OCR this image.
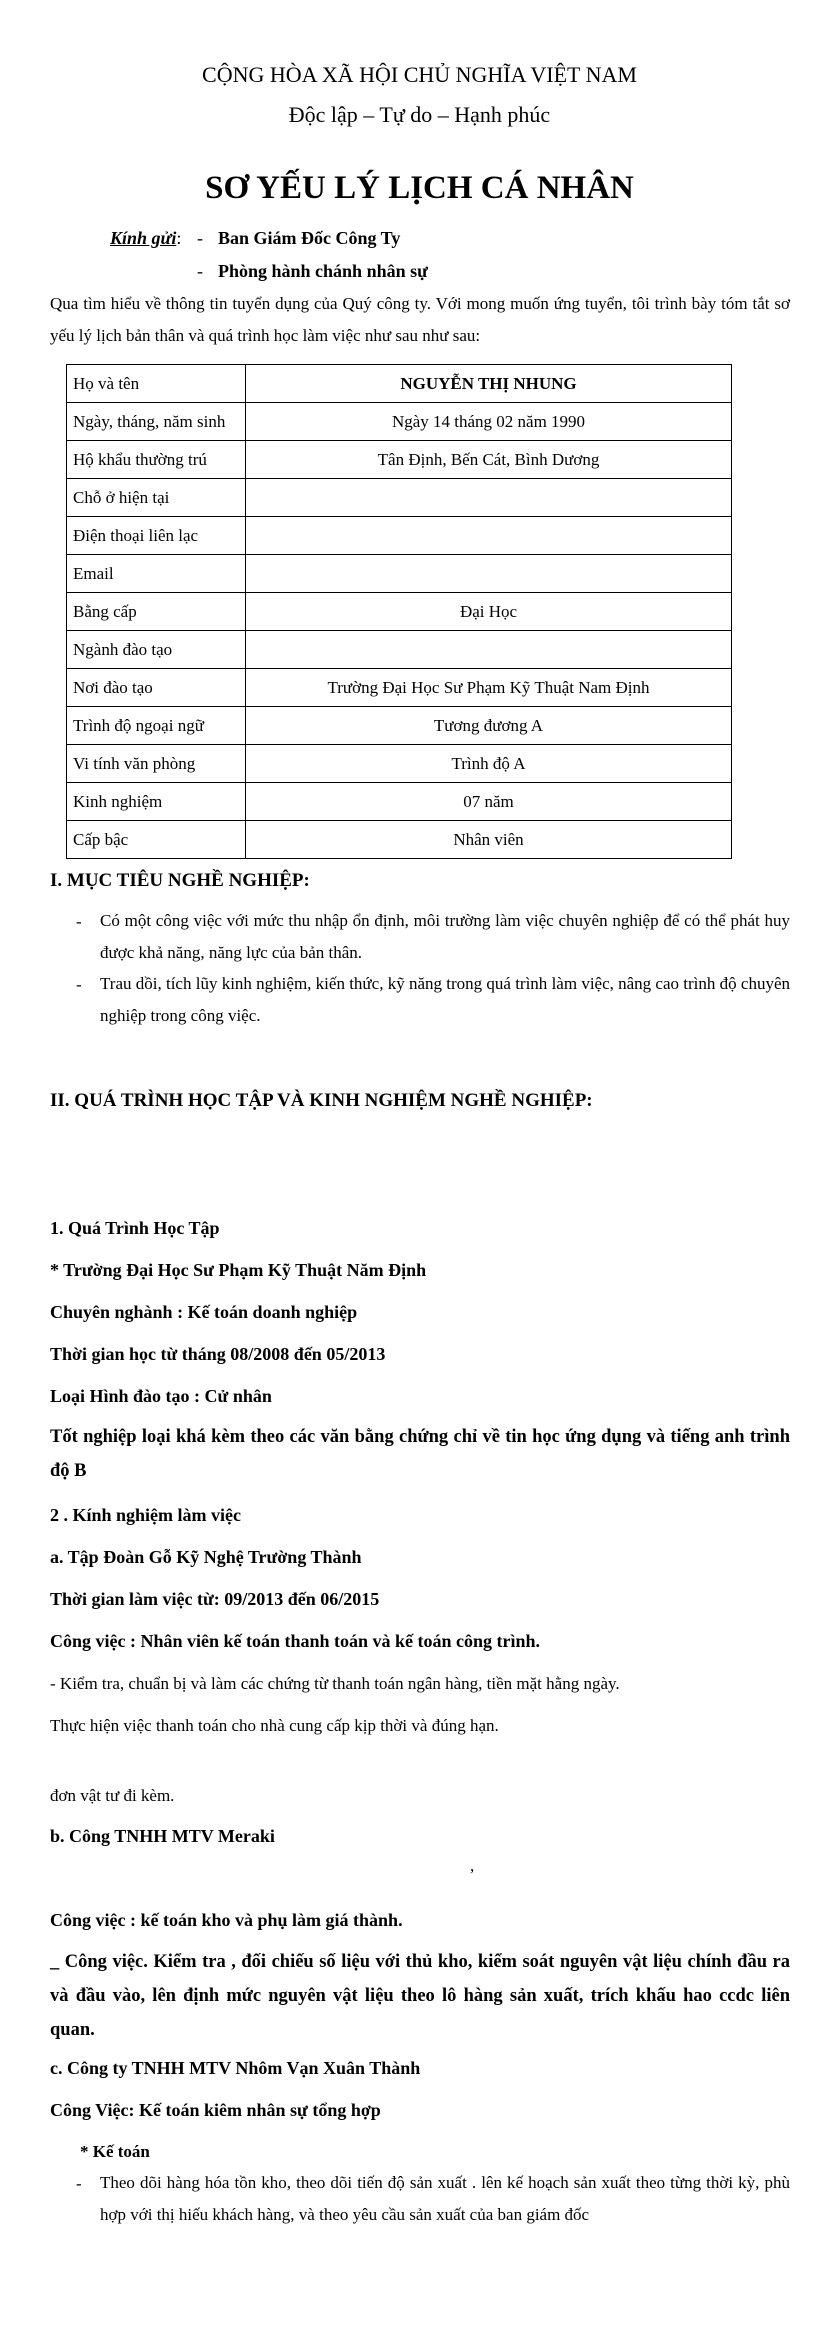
CỘNG HÒA XÃ HỘI CHỦ NGHĨA VIỆT NAM
Độc lập – Tự do – Hạnh phúc
SƠ YẾU LÝ LỊCH CÁ NHÂN
Kính gửi: - Ban Giám Đốc Công Ty
- Phòng hành chánh nhân sự
Qua tìm hiểu về thông tin tuyển dụng của Quý công ty. Với mong muốn ứng tuyển, tôi trình bày tóm tắt sơ yếu lý lịch bản thân và quá trình học làm việc như sau như sau:
Họ và tên	NGUYỄN THỊ NHUNG
Ngày, tháng, năm sinh	Ngày 14 tháng 02 năm 1990
Hộ khẩu thường trú	Tân Định, Bến Cát, Bình Dương
Chỗ ở hiện tại	
Điện thoại liên lạc	
Email	
Bằng cấp	Đại Học
Ngành đào tạo	
Nơi đào tạo	Trường Đại Học Sư Phạm Kỹ Thuật Nam Định
Trình độ ngoại ngữ	Tương đương A
Vi tính văn phòng	Trình độ A
Kinh nghiệm	07 năm
Cấp bậc	Nhân viên
I. MỤC TIÊU NGHỀ NGHIỆP:
- Có một công việc với mức thu nhập ổn định, môi trường làm việc chuyên nghiệp để có thể phát huy được khả năng, năng lực của bản thân.
- Trau dồi, tích lũy kinh nghiệm, kiến thức, kỹ năng trong quá trình làm việc, nâng cao trình độ chuyên nghiệp trong công việc.
II. QUÁ TRÌNH HỌC TẬP VÀ KINH NGHIỆM NGHỀ NGHIỆP:
1. Quá Trình Học Tập
* Trường Đại Học Sư Phạm Kỹ Thuật Năm Định
Chuyên nghành : Kế toán doanh nghiệp
Thời gian học từ tháng 08/2008 đến 05/2013
Loại Hình đào tạo : Cử nhân
Tốt nghiệp loại khá kèm theo các văn bằng chứng chỉ về tin học ứng dụng và tiếng anh trình độ B
2 . Kính nghiệm làm việc
a. Tập Đoàn Gỗ Kỹ Nghệ Trường Thành
Thời gian làm việc từ: 09/2013 đến 06/2015
Công việc : Nhân viên kế toán thanh toán và kế toán công trình.
- Kiểm tra, chuẩn bị và làm các chứng từ thanh toán ngân hàng, tiền mặt hằng ngày.
Thực hiện việc thanh toán cho nhà cung cấp kịp thời và đúng hạn.
đơn vật tư đi kèm.
b. Công TNHH MTV Meraki
,
Công việc : kế toán kho và phụ làm giá thành.
_ Công việc. Kiểm tra , đối chiếu số liệu với thủ kho, kiểm soát nguyên vật liệu chính đầu ra và đầu vào, lên định mức nguyên vật liệu theo lô hàng sản xuất, trích khấu hao ccdc liên quan.
c. Công ty TNHH MTV Nhôm Vạn Xuân Thành
Công Việc: Kế toán kiêm nhân sự tổng hợp
* Kế toán
- Theo dõi hàng hóa tồn kho, theo dõi tiến độ sản xuất . lên kế hoạch sản xuất theo từng thời kỳ, phù hợp với thị hiếu khách hàng, và theo yêu cầu sản xuất của ban giám đốc
